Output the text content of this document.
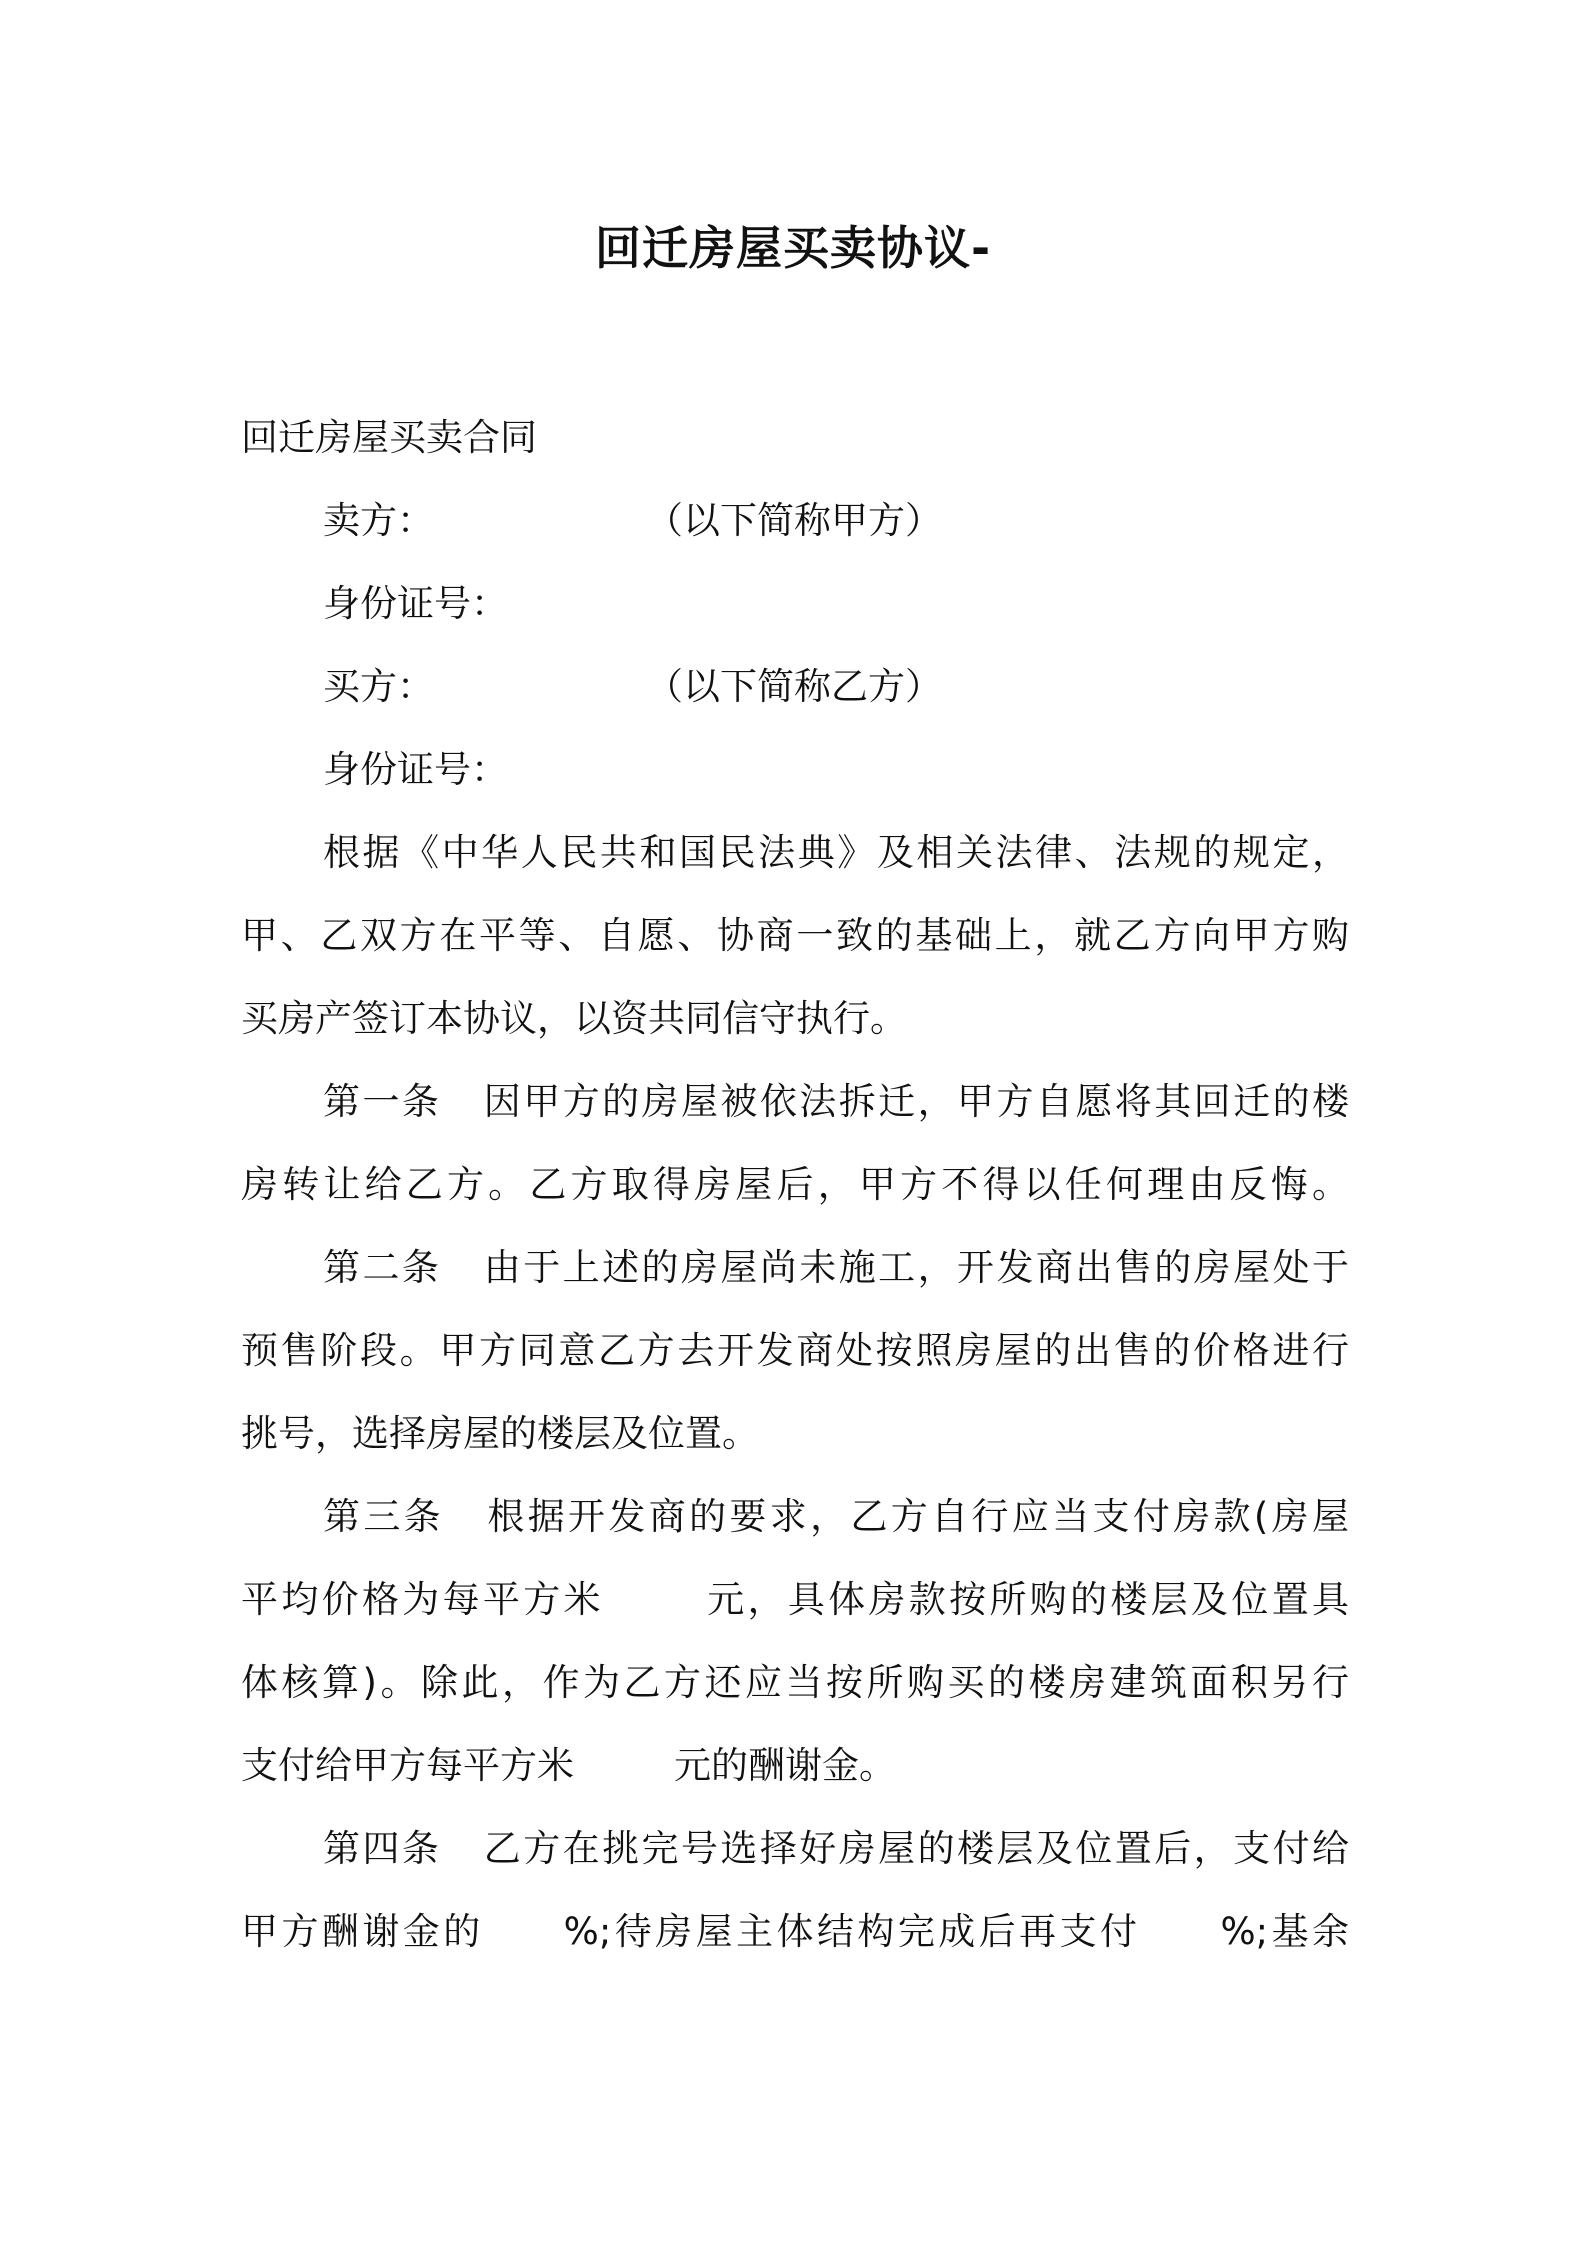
回迁房屋买卖协议-
回迁房屋买卖合同
卖方：	（以下简称甲方）
身份证号：
买方：	（以下简称乙方）
身份证号：
根据《中华人民共和国民法典》及相关法律、法规的规定，
甲、乙双方在平等、自愿、协商一致的基础上，就乙方向甲方购
买房产签订本协议，以资共同信守执行。
第一条 因甲方的房屋被依法拆迁，甲方自愿将其回迁的楼
房转让给乙方。乙方取得房屋后，甲方不得以任何理由反悔。
第二条 由于上述的房屋尚未施工，开发商出售的房屋处于
预售阶段。甲方同意乙方去开发商处按照房屋的出售的价格进行
挑号，选择房屋的楼层及位置。
第三条 根据开发商的要求，乙方自行应当支付房款(房屋
平均价格为每平方米	元，具体房款按所购的楼层及位置具
体核算)。除此，作为乙方还应当按所购买的楼房建筑面积另行
支付给甲方每平方米	元的酬谢金。
第四条 乙方在挑完号选择好房屋的楼层及位置后，支付给
甲方酬谢金的 %;待房屋主体结构完成后再支付 %;基余
